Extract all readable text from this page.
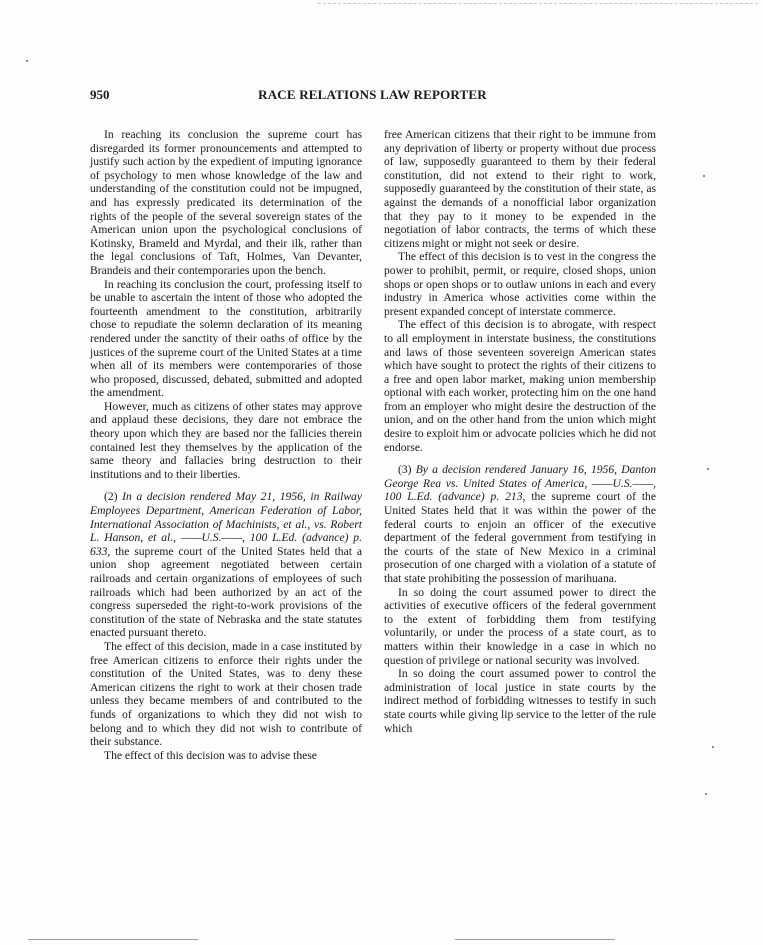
950	RACE RELATIONS LAW REPORTER

In reaching its conclusion the supreme court has disregarded its former pronouncements and attempted to justify such action by the expedient of imputing ignorance of psychology to men whose knowledge of the law and understanding of the constitution could not be impugned, and has expressly predicated its determination of the rights of the people of the several sovereign states of the American union upon the psychological conclusions of Kotinsky, Brameld and Myrdal, and their ilk, rather than the legal conclusions of Taft, Holmes, Van Devanter, Brandeis and their contemporaries upon the bench.

In reaching its conclusion the court, professing itself to be unable to ascertain the intent of those who adopted the fourteenth amendment to the constitution, arbitrarily chose to repudiate the solemn declaration of its meaning rendered under the sanctity of their oaths of office by the justices of the supreme court of the United States at a time when all of its members were contemporaries of those who proposed, discussed, debated, submitted and adopted the amendment.

However, much as citizens of other states may approve and applaud these decisions, they dare not embrace the theory upon which they are based nor the fallicies therein contained lest they themselves by the application of the same theory and fallacies bring destruction to their institutions and to their liberties.

(2) In a decision rendered May 21, 1956, in Railway Employees Department, American Federation of Labor, International Association of Machinists, et al., vs. Robert L. Hanson, et al., ——U.S.——, 100 L.Ed. (advance) p. 633, the supreme court of the United States held that a union shop agreement negotiated between certain railroads and certain organizations of employees of such railroads which had been authorized by an act of the congress superseded the right-to-work provisions of the constitution of the state of Nebraska and the state statutes enacted pursuant thereto.

The effect of this decision, made in a case instituted by free American citizens to enforce their rights under the constitution of the United States, was to deny these American citizens the right to work at their chosen trade unless they became members of and contributed to the funds of organizations to which they did not wish to belong and to which they did not wish to contribute of their substance.

The effect of this decision was to advise these

free American citizens that their right to be immune from any deprivation of liberty or property without due process of law, supposedly guaranteed to them by their federal constitution, did not extend to their right to work, supposedly guaranteed by the constitution of their state, as against the demands of a nonofficial labor organization that they pay to it money to be expended in the negotiation of labor contracts, the terms of which these citizens might or might not seek or desire.

The effect of this decision is to vest in the congress the power to prohibit, permit, or require, closed shops, union shops or open shops or to outlaw unions in each and every industry in America whose activities come within the present expanded concept of interstate commerce.

The effect of this decision is to abrogate, with respect to all employment in interstate business, the constitutions and laws of those seventeen sovereign American states which have sought to protect the rights of their citizens to a free and open labor market, making union membership optional with each worker, protecting him on the one hand from an employer who might desire the destruction of the union, and on the other hand from the union which might desire to exploit him or advocate policies which he did not endorse.

(3) By a decision rendered January 16, 1956, Danton George Rea vs. United States of America, ——U.S.——, 100 L.Ed. (advance) p. 213, the supreme court of the United States held that it was within the power of the federal courts to enjoin an officer of the executive department of the federal government from testifying in the courts of the state of New Mexico in a criminal prosecution of one charged with a violation of a statute of that state prohibiting the possession of marihuana.

In so doing the court assumed power to direct the activities of executive officers of the federal government to the extent of forbidding them from testifying voluntarily, or under the process of a state court, as to matters within their knowledge in a case in which no question of privilege or national security was involved.

In so doing the court assumed power to control the administration of local justice in state courts by the indirect method of forbidding witnesses to testify in such state courts while giving lip service to the letter of the rule which
